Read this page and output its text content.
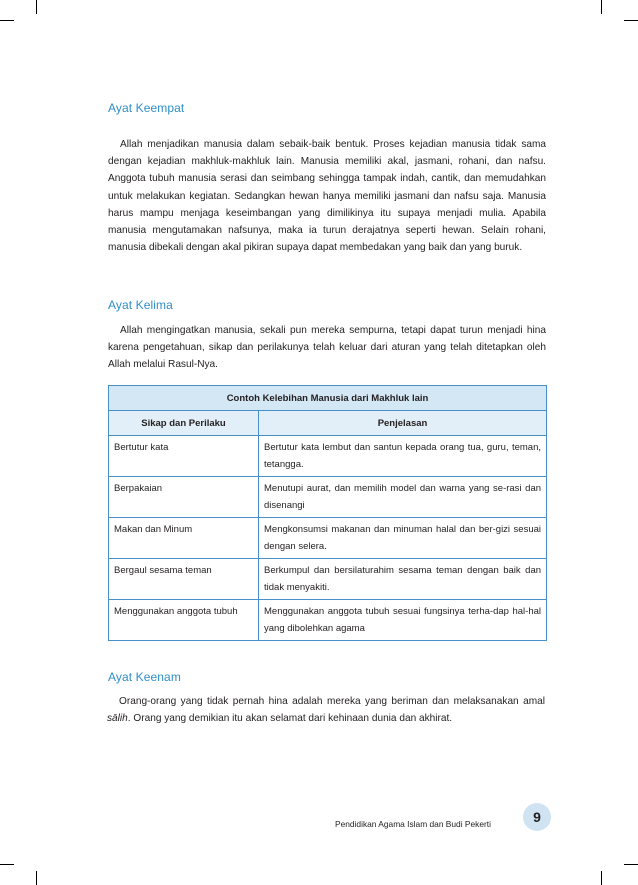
Ayat Keempat
Allah menjadikan manusia dalam sebaik-baik bentuk. Proses kejadian manusia tidak sama dengan kejadian makhluk-makhluk lain. Manusia memiliki akal, jasmani, rohani, dan nafsu. Anggota tubuh manusia serasi dan seimbang sehingga tampak indah, cantik, dan memudahkan untuk melakukan kegiatan. Sedangkan hewan hanya memiliki jasmani dan nafsu saja. Manusia harus mampu menjaga keseimbangan yang dimilikinya itu supaya menjadi mulia. Apabila manusia mengutamakan nafsunya, maka ia turun derajatnya seperti hewan. Selain rohani, manusia dibekali dengan akal pikiran supaya dapat membedakan yang baik dan yang buruk.
Ayat Kelima
Allah mengingatkan manusia, sekali pun mereka sempurna, tetapi dapat turun menjadi hina karena pengetahuan, sikap dan perilakunya telah keluar dari aturan yang telah ditetapkan oleh Allah melalui Rasul-Nya.
Contoh Kelebihan Manusia dari Makhluk lain	
Sikap dan Perilaku	Penjelasan
Bertutur kata	Bertutur kata lembut dan santun kepada orang tua, guru, teman, tetangga.
Berpakaian	Menutupi aurat, dan memilih model dan warna yang se-rasi dan disenangi
Makan dan Minum	Mengkonsumsi makanan dan minuman halal dan ber-gizi sesuai dengan selera.
Bergaul sesama teman	Berkumpul dan bersilaturahim sesama teman dengan baik dan tidak menyakiti.
Menggunakan anggota tubuh	Menggunakan anggota tubuh sesuai fungsinya terha-dap hal-hal yang dibolehkan agama
Ayat Keenam
Orang-orang yang tidak pernah hina adalah mereka yang beriman dan melaksanakan amal sālih. Orang yang demikian itu akan selamat dari kehinaan dunia dan akhirat.
Pendidikan Agama Islam dan Budi Pekerti	9
